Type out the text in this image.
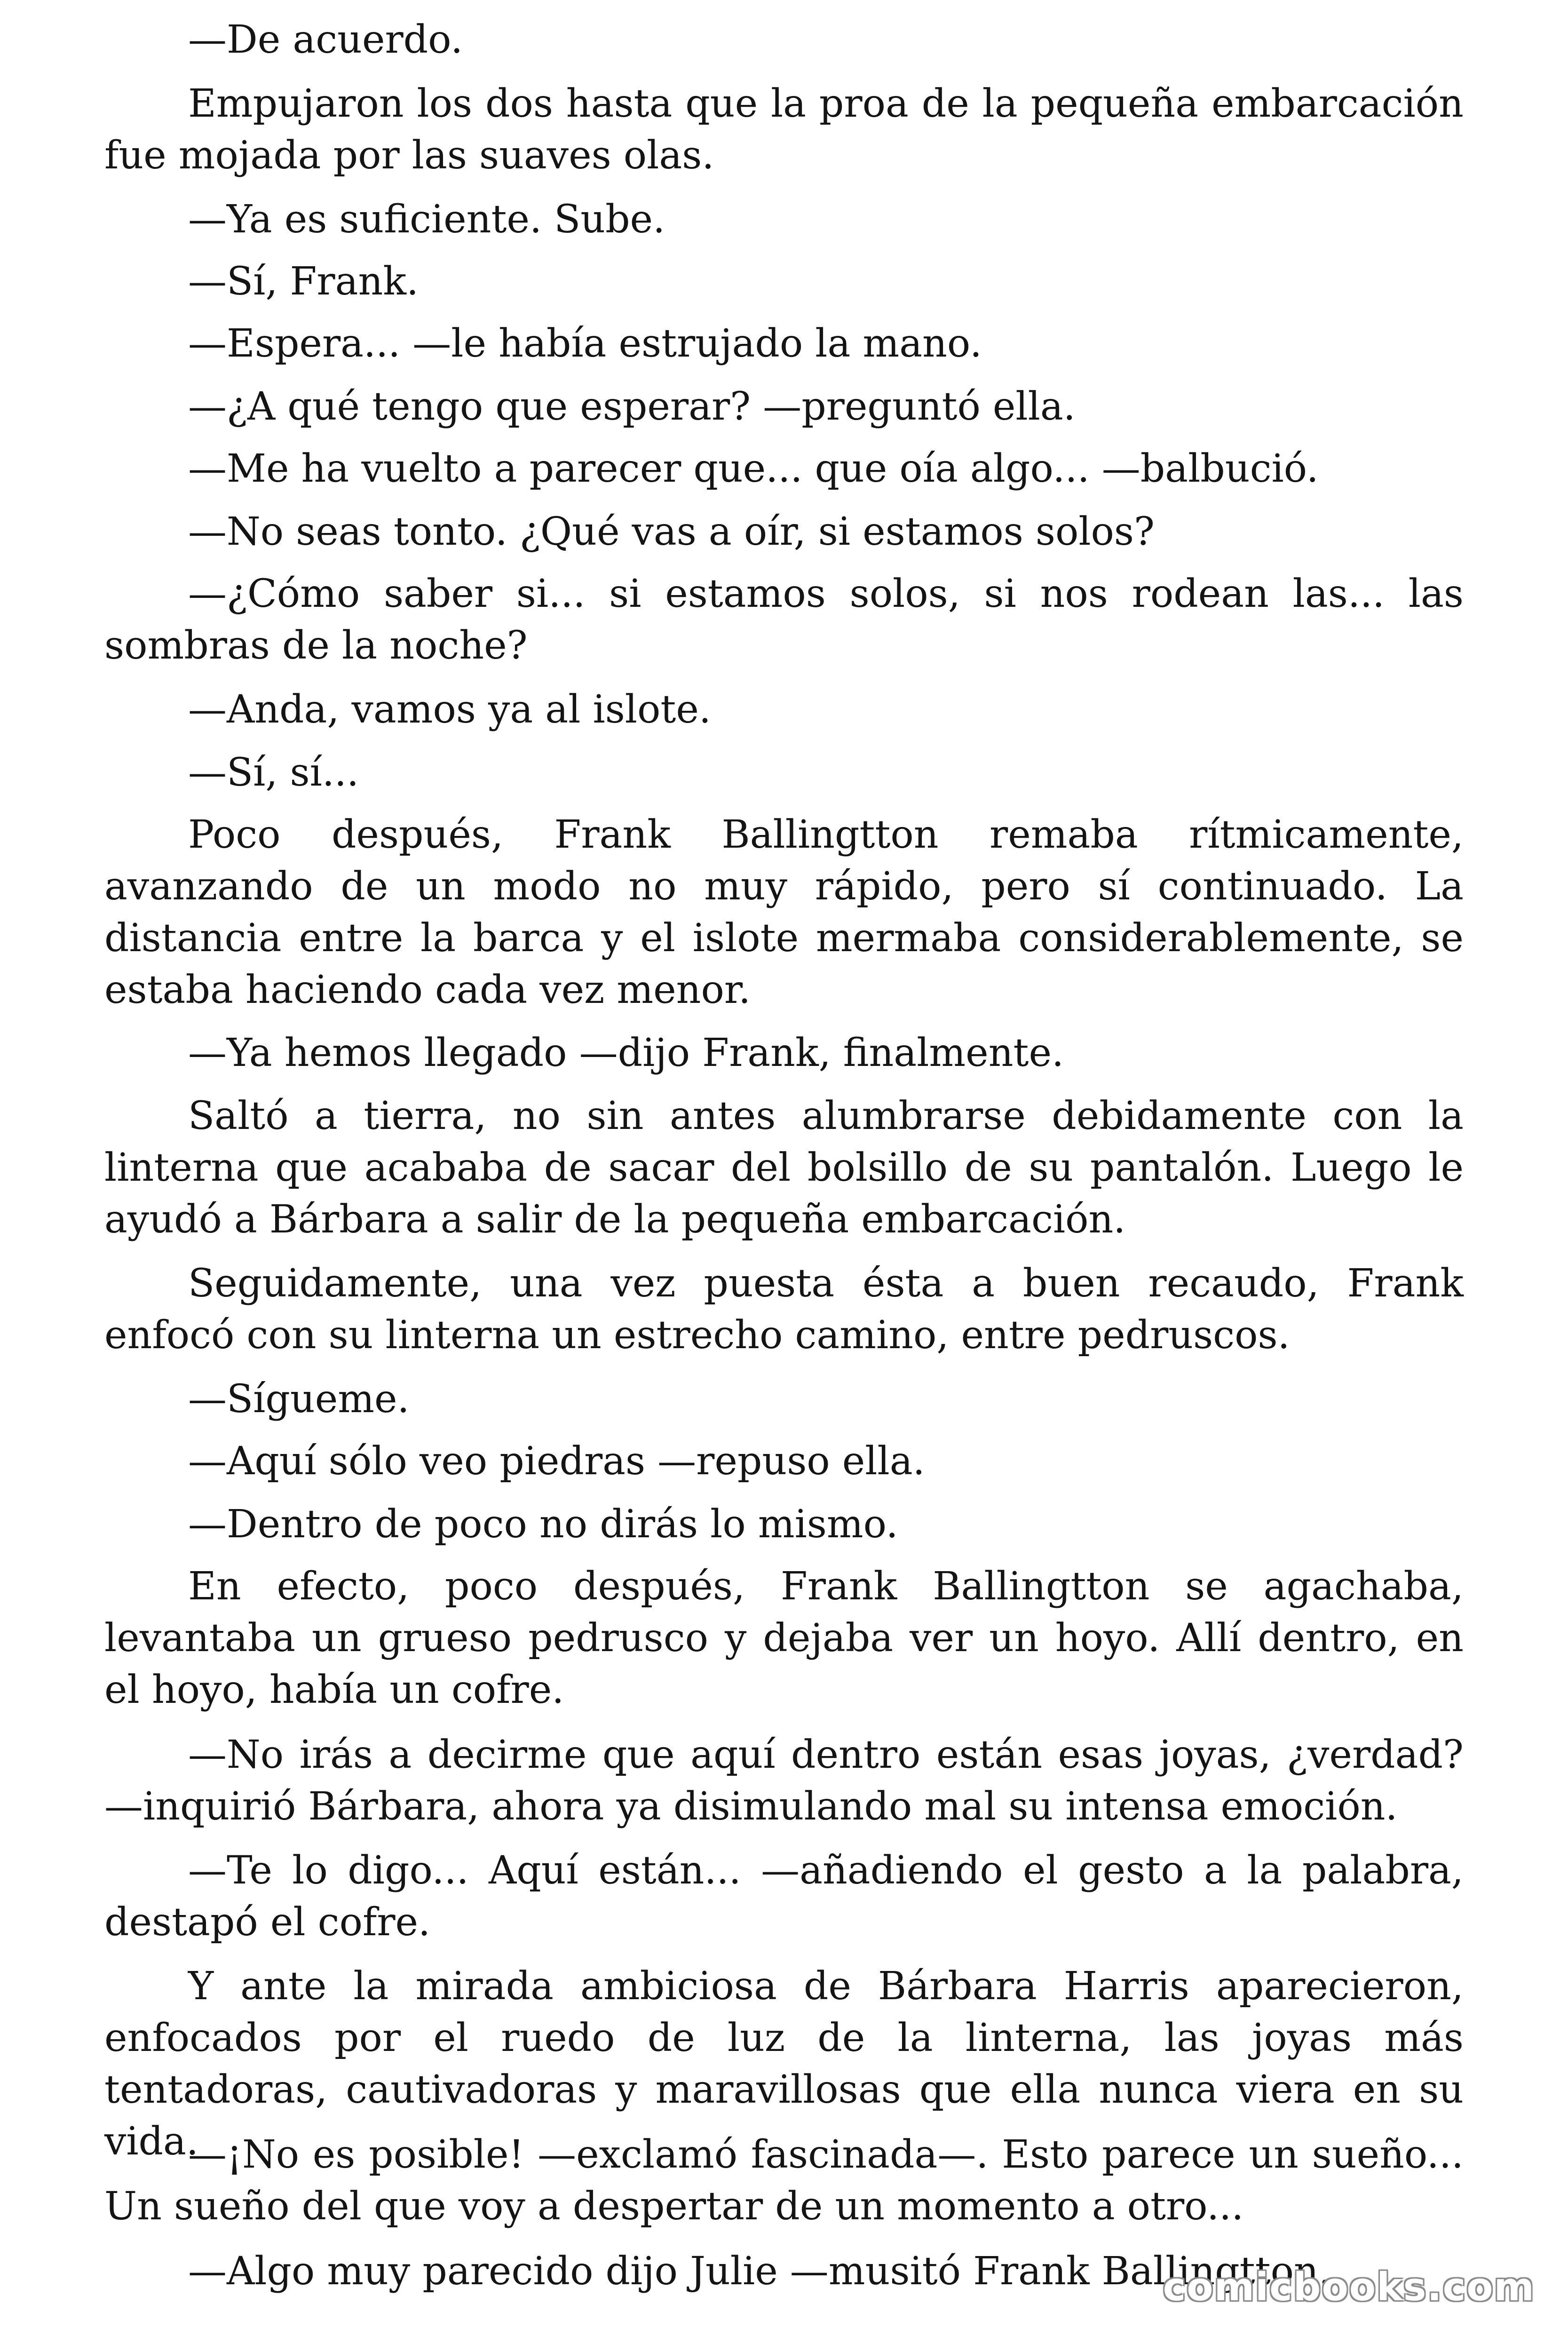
—De acuerdo.

Empujaron los dos hasta que la proa de la pequeña embarcación fue mojada por las suaves olas.

—Ya es suficiente. Sube.

—Sí, Frank.

—Espera... —le había estrujado la mano.

—¿A qué tengo que esperar? —preguntó ella.

—Me ha vuelto a parecer que... que oía algo... —balbució.

—No seas tonto. ¿Qué vas a oír, si estamos solos?

—¿Cómo saber si... si estamos solos, si nos rodean las... las sombras de la noche?

—Anda, vamos ya al islote.

—Sí, sí...

Poco después, Frank Ballingtton remaba rítmicamente, avanzando de un modo no muy rápido, pero sí continuado. La distancia entre la barca y el islote mermaba considerablemente, se estaba haciendo cada vez menor.

—Ya hemos llegado —dijo Frank, finalmente.

Saltó a tierra, no sin antes alumbrarse debidamente con la linterna que acababa de sacar del bolsillo de su pantalón. Luego le ayudó a Bárbara a salir de la pequeña embarcación.

Seguidamente, una vez puesta ésta a buen recaudo, Frank enfocó con su linterna un estrecho camino, entre pedruscos.

—Sígueme.

—Aquí sólo veo piedras —repuso ella.

—Dentro de poco no dirás lo mismo.

En efecto, poco después, Frank Ballingtton se agachaba, levantaba un grueso pedrusco y dejaba ver un hoyo. Allí dentro, en el hoyo, había un cofre.

—No irás a decirme que aquí dentro están esas joyas, ¿verdad? —inquirió Bárbara, ahora ya disimulando mal su intensa emoción.

—Te lo digo... Aquí están... —añadiendo el gesto a la palabra, destapó el cofre.

Y ante la mirada ambiciosa de Bárbara Harris aparecieron, enfocados por el ruedo de luz de la linterna, las joyas más tentadoras, cautivadoras y maravillosas que ella nunca viera en su vida.

—¡No es posible! —exclamó fascinada—. Esto parece un sueño... Un sueño del que voy a despertar de un momento a otro...

—Algo muy parecido dijo Julie —musitó Frank Ballingtton.

comicbooks.com
